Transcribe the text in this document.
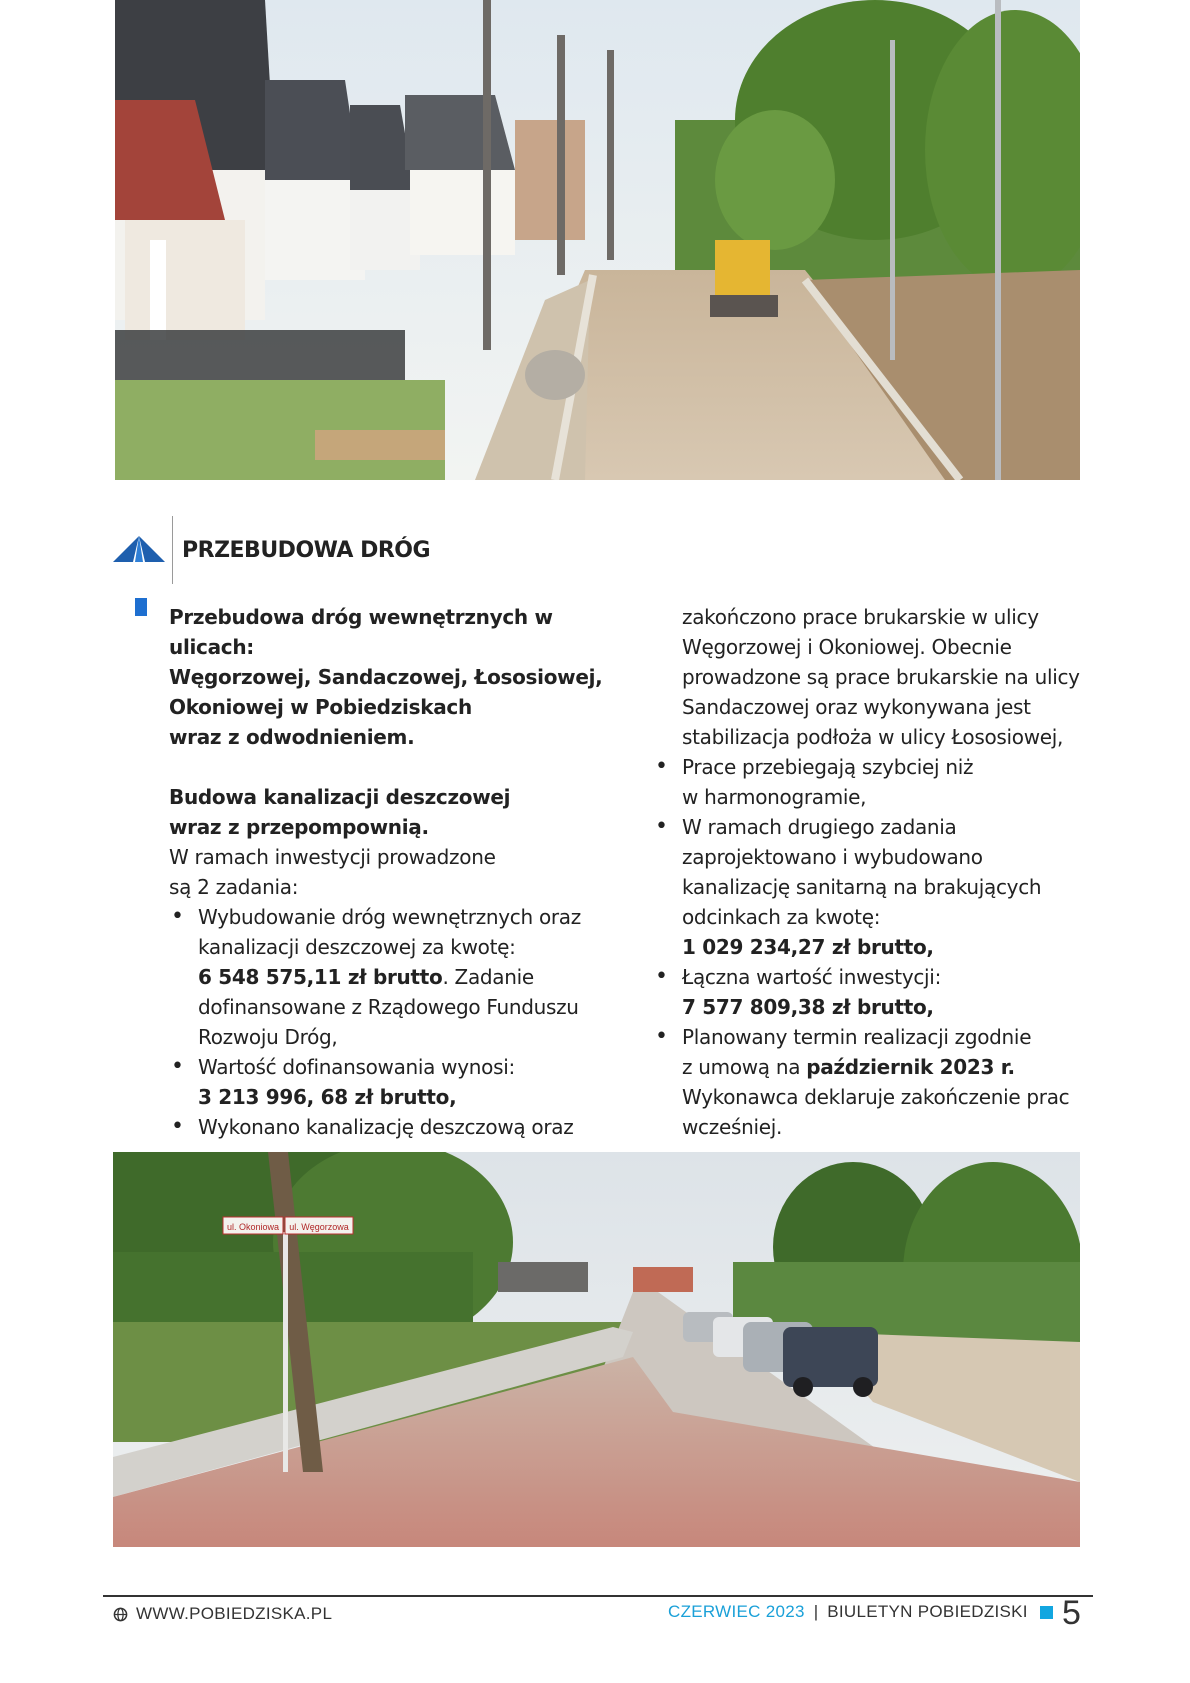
PRZEBUDOWA DRÓG

Przebudowa dróg wewnętrznych w ulicach:

Węgorzowej, Sandaczowej, Łososiowej,

Okoniowej w Pobiedziskach

wraz z odwodnieniem.

Budowa kanalizacji deszczowej

wraz z przepompownią.

W ramach inwestycji prowadzone

są 2 zadania:

• Wybudowanie dróg wewnętrznych oraz

kanalizacji deszczowej za kwotę:

6 548 575,11 zł brutto. Zadanie

dofinansowane z Rządowego Funduszu

Rozwoju Dróg,

• Wartość dofinansowania wynosi:

3 213 996, 68 zł brutto,

• Wykonano kanalizację deszczową oraz

zakończono prace brukarskie w ulicy

Węgorzowej i Okoniowej. Obecnie

prowadzone są prace brukarskie na ulicy

Sandaczowej oraz wykonywana jest

stabilizacja podłoża w ulicy Łososiowej,

• Prace przebiegają szybciej niż

w harmonogramie,

• W ramach drugiego zadania

zaprojektowano i wybudowano

kanalizację sanitarną na brakujących

odcinkach za kwotę:

1 029 234,27 zł brutto,

• Łączna wartość inwestycji:

7 577 809,38 zł brutto,

• Planowany termin realizacji zgodnie

z umową na październik 2023 r.

Wykonawca deklaruje zakończenie prac

wcześniej.

ul. Okoniowa ul. Węgorzowa
WWW.POBIEDZISKA.PL	CZERWIEC 2023 | BIULETYN POBIEDZISKI 5
